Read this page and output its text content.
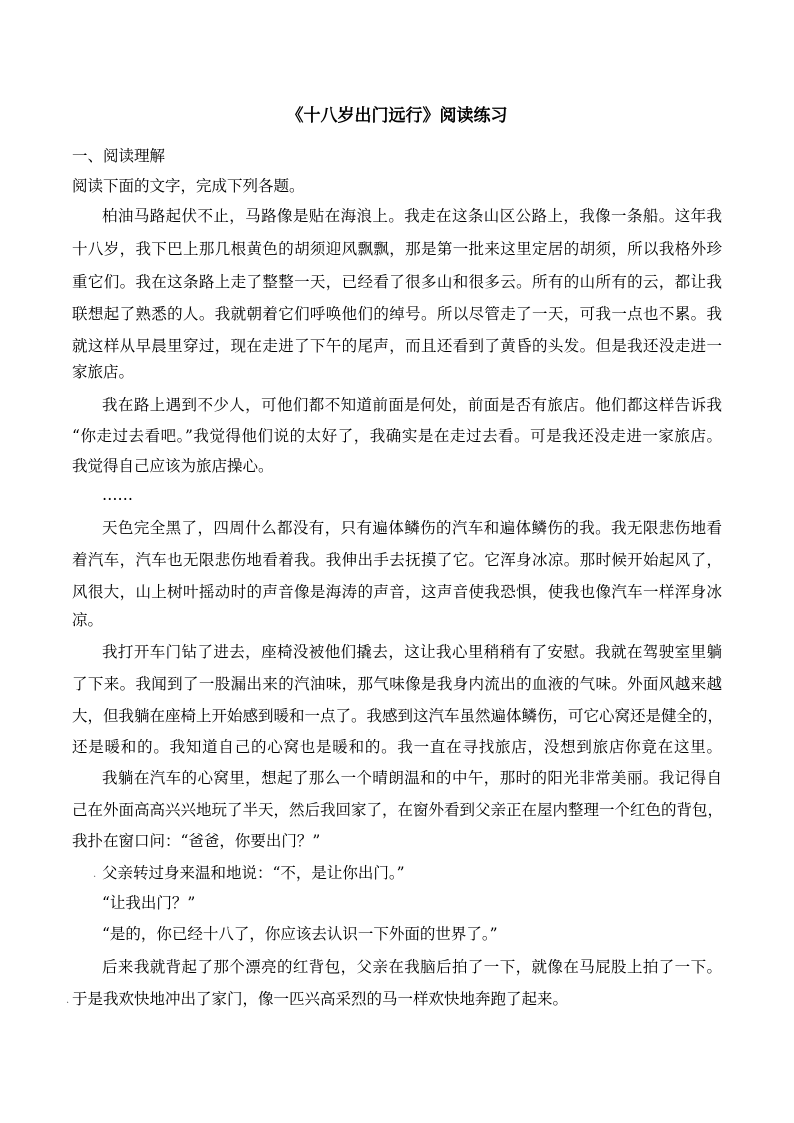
《十八岁出门远行》阅读练习
一、阅读理解
阅读下面的文字，完成下列各题。
柏油马路起伏不止，马路像是贴在海浪上。我走在这条山区公路上，我像一条船。这年我
十八岁，我下巴上那几根黄色的胡须迎风飘飘，那是第一批来这里定居的胡须，所以我格外珍
重它们。我在这条路上走了整整一天，已经看了很多山和很多云。所有的山所有的云，都让我
联想起了熟悉的人。我就朝着它们呼唤他们的绰号。所以尽管走了一天，可我一点也不累。我
就这样从早晨里穿过，现在走进了下午的尾声，而且还看到了黄昏的头发。但是我还没走进一
家旅店。
我在路上遇到不少人，可他们都不知道前面是何处，前面是否有旅店。他们都这样告诉我
“你走过去看吧。”我觉得他们说的太好了，我确实是在走过去看。可是我还没走进一家旅店。
我觉得自己应该为旅店操心。
……
天色完全黑了，四周什么都没有，只有遍体鳞伤的汽车和遍体鳞伤的我。我无限悲伤地看
着汽车，汽车也无限悲伤地看着我。我伸出手去抚摸了它。它浑身冰凉。那时候开始起风了，
风很大，山上树叶摇动时的声音像是海涛的声音，这声音使我恐惧，使我也像汽车一样浑身冰
凉。
我打开车门钻了进去，座椅没被他们撬去，这让我心里稍稍有了安慰。我就在驾驶室里躺
了下来。我闻到了一股漏出来的汽油味，那气味像是我身内流出的血液的气味。外面风越来越
大，但我躺在座椅上开始感到暖和一点了。我感到这汽车虽然遍体鳞伤，可它心窝还是健全的，
还是暖和的。我知道自己的心窝也是暖和的。我一直在寻找旅店，没想到旅店你竟在这里。
我躺在汽车的心窝里，想起了那么一个晴朗温和的中午，那时的阳光非常美丽。我记得自
己在外面高高兴兴地玩了半天，然后我回家了，在窗外看到父亲正在屋内整理一个红色的背包，
我扑在窗口问：“爸爸，你要出门？”
. 父亲转过身来温和地说：“不，是让你出门。”
“让我出门？”
“是的，你已经十八了，你应该去认识一下外面的世界了。”
后来我就背起了那个漂亮的红背包，父亲在我脑后拍了一下，就像在马屁股上拍了一下。
. 于是我欢快地冲出了家门，像一匹兴高采烈的马一样欢快地奔跑了起来。
